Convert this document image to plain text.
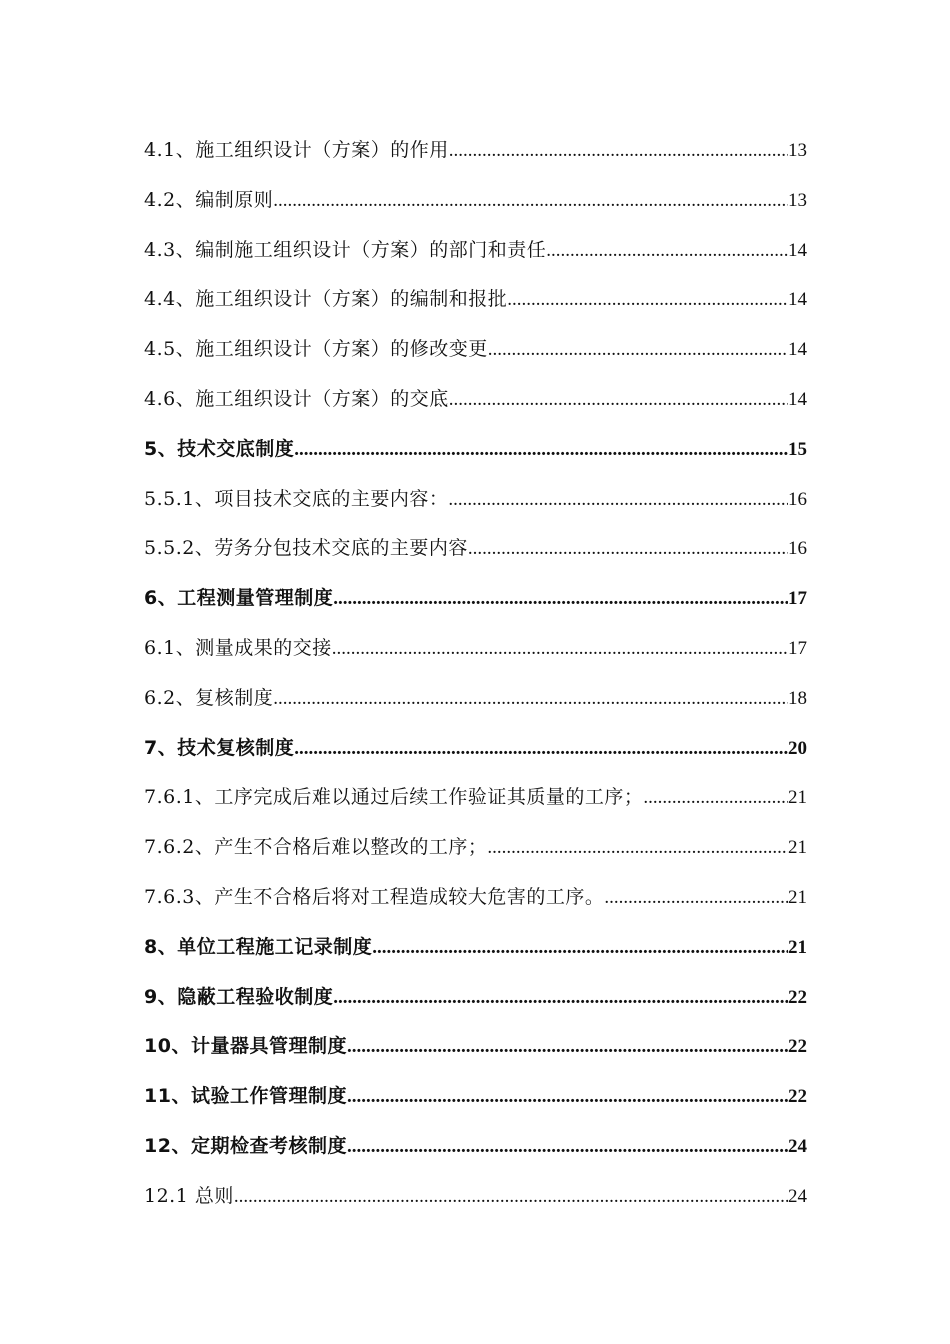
4.1、施工组织设计（方案）的作用 .....	13
4.2、编制原则 .....	13
4.3、编制施工组织设计（方案）的部门和责任 .....	14
4.4、施工组织设计（方案）的编制和报批 .....	14
4.5、施工组织设计（方案）的修改变更 .....	14
4.6、施工组织设计（方案）的交底 .....	14
5、技术交底制度 .....	15
5.5.1、项目技术交底的主要内容： .....	16
5.5.2、劳务分包技术交底的主要内容 .....	16
6、工程测量管理制度 .....	17
6.1、测量成果的交接 .....	17
6.2、复核制度 .....	18
7、技术复核制度 .....	20
7.6.1、工序完成后难以通过后续工作验证其质量的工序； .....	21
7.6.2、产生不合格后难以整改的工序； .....	21
7.6.3、产生不合格后将对工程造成较大危害的工序。 .....	21
8、单位工程施工记录制度 .....	21
9、隐蔽工程验收制度 .....	22
10、计量器具管理制度 .....	22
11、试验工作管理制度 .....	22
12、定期检查考核制度 .....	24
12.1 总则 .....	24
